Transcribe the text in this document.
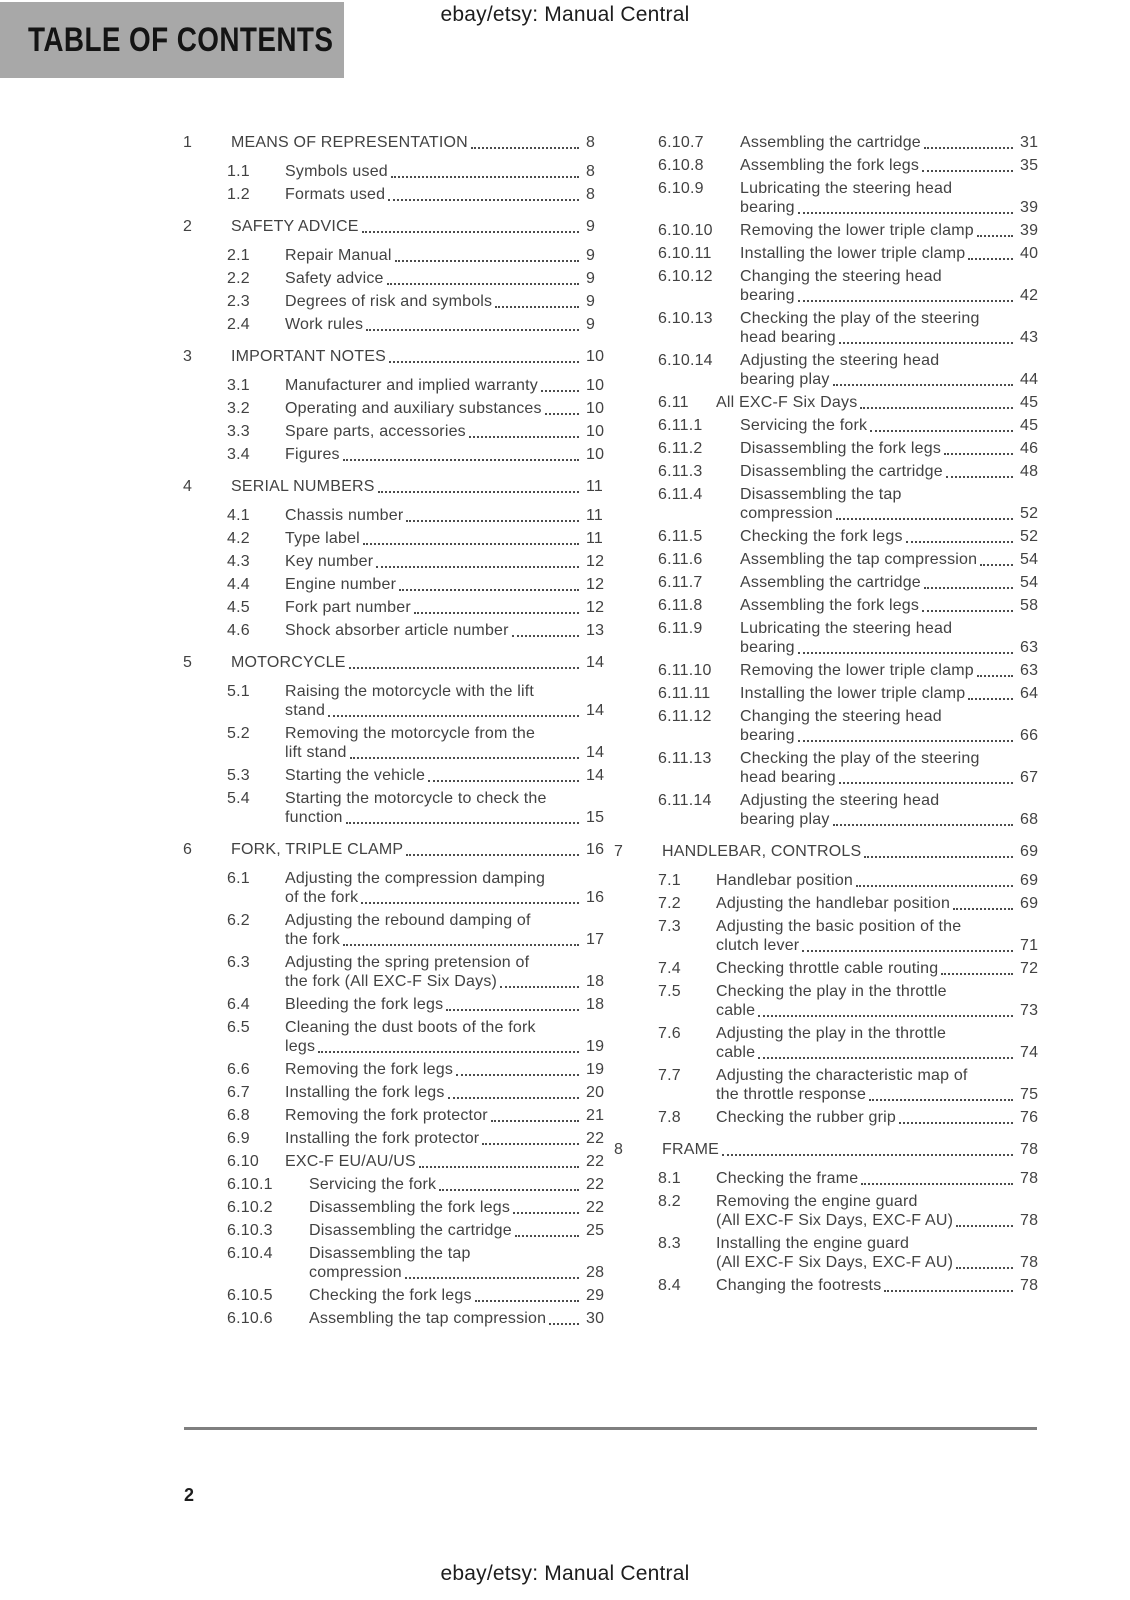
ebay/etsy: Manual Central
TABLE OF CONTENTS
1	MEANS OF REPRESENTATION	8
1.1	Symbols used	8
1.2	Formats used	8
2	SAFETY ADVICE	9
2.1	Repair Manual	9
2.2	Safety advice	9
2.3	Degrees of risk and symbols	9
2.4	Work rules	9
3	IMPORTANT NOTES	10
3.1	Manufacturer and implied warranty	10
3.2	Operating and auxiliary substances	10
3.3	Spare parts, accessories	10
3.4	Figures	10
4	SERIAL NUMBERS	11
4.1	Chassis number	11
4.2	Type label	11
4.3	Key number	12
4.4	Engine number	12
4.5	Fork part number	12
4.6	Shock absorber article number	13
5	MOTORCYCLE	14
5.1	Raising the motorcycle with the lift
stand	14
5.2	Removing the motorcycle from the
lift stand	14
5.3	Starting the vehicle	14
5.4	Starting the motorcycle to check the
function	15
6	FORK, TRIPLE CLAMP	16
6.1	Adjusting the compression damping
of the fork	16
6.2	Adjusting the rebound damping of
the fork	17
6.3	Adjusting the spring pretension of
the fork (All EXC-F Six Days)	18
6.4	Bleeding the fork legs	18
6.5	Cleaning the dust boots of the fork
legs	19
6.6	Removing the fork legs	19
6.7	Installing the fork legs	20
6.8	Removing the fork protector	21
6.9	Installing the fork protector	22
6.10	EXC-F EU/AU/US	22
6.10.1	Servicing the fork	22
6.10.2	Disassembling the fork legs	22
6.10.3	Disassembling the cartridge	25
6.10.4	Disassembling the tap
compression	28
6.10.5	Checking the fork legs	29
6.10.6	Assembling the tap compression 30
6.10.7	Assembling the cartridge	31
6.10.8	Assembling the fork legs	35
6.10.9	Lubricating the steering head
bearing	39
6.10.10	Removing the lower triple clamp	39
6.10.11	Installing the lower triple clamp	40
6.10.12	Changing the steering head
bearing	42
6.10.13	Checking the play of the steering
head bearing	43
6.10.14	Adjusting the steering head
bearing play	44
6.11	All EXC-F Six Days	45
6.11.1	Servicing the fork	45
6.11.2	Disassembling the fork legs	46
6.11.3	Disassembling the cartridge	48
6.11.4	Disassembling the tap
compression	52
6.11.5	Checking the fork legs	52
6.11.6	Assembling the tap compression	54
6.11.7	Assembling the cartridge	54
6.11.8	Assembling the fork legs	58
6.11.9	Lubricating the steering head
bearing	63
6.11.10	Removing the lower triple clamp	63
6.11.11	Installing the lower triple clamp	64
6.11.12	Changing the steering head
bearing	66
6.11.13	Checking the play of the steering
head bearing	67
6.11.14	Adjusting the steering head
bearing play	68
7	HANDLEBAR, CONTROLS	69
7.1	Handlebar position	69
7.2	Adjusting the handlebar position	69
7.3	Adjusting the basic position of the
clutch lever	71
7.4	Checking throttle cable routing	72
7.5	Checking the play in the throttle
cable	73
7.6	Adjusting the play in the throttle
cable	74
7.7	Adjusting the characteristic map of
the throttle response	75
7.8	Checking the rubber grip	76
8	FRAME	78
8.1	Checking the frame	78
8.2	Removing the engine guard
(All EXC-F Six Days, EXC-F AU)	78
8.3	Installing the engine guard
(All EXC-F Six Days, EXC-F AU)	78
8.4	Changing the footrests	78
2
ebay/etsy: Manual Central
